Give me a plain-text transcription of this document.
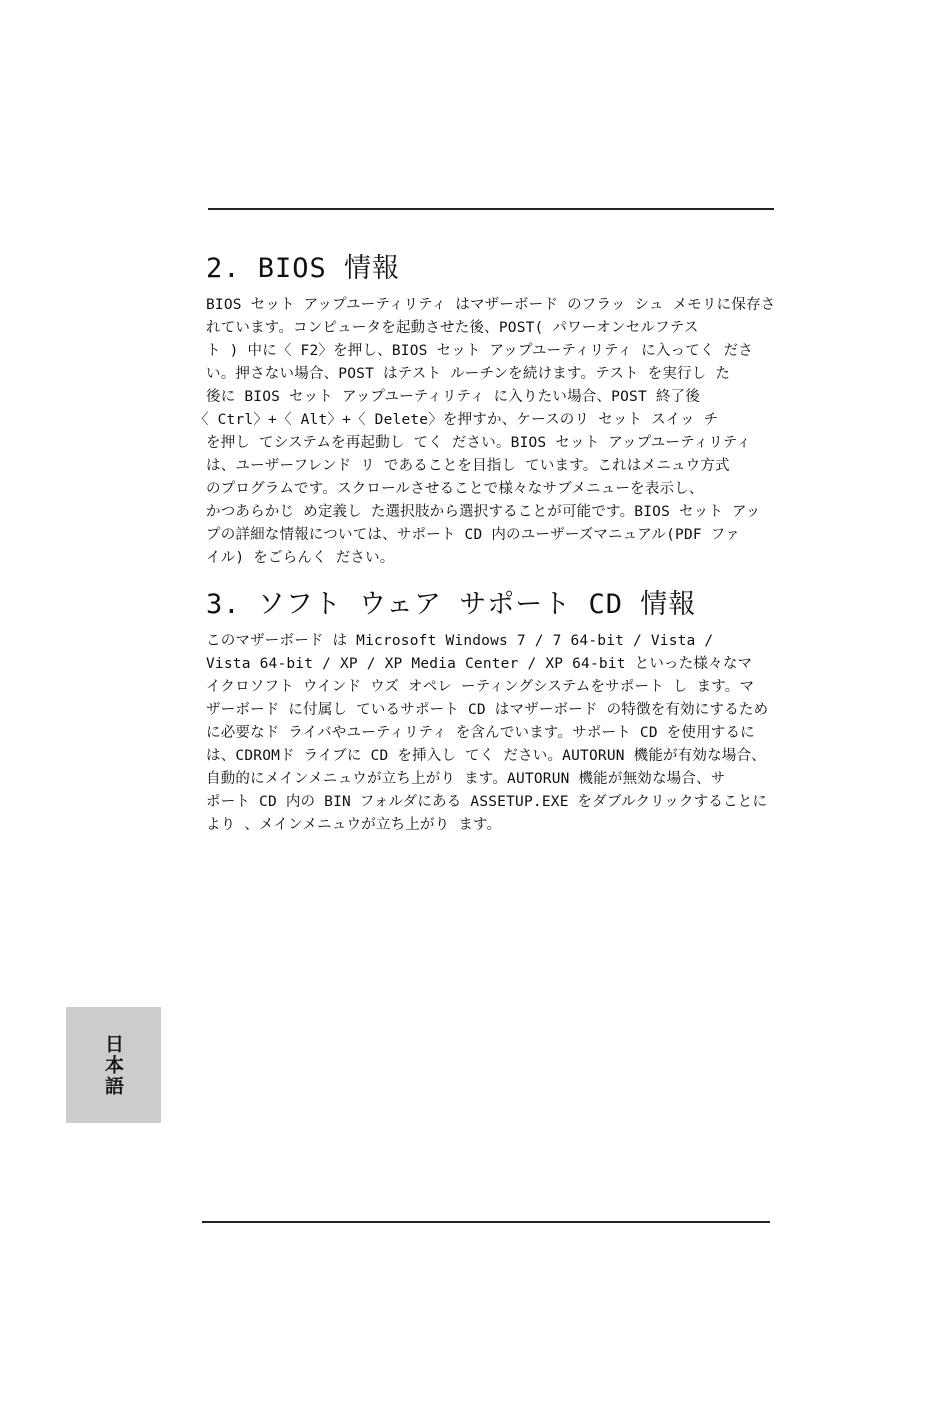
2. BIOS 情報
BIOS セット アップユーティリティ はマザーボード のフラッ シュ メモリに保存さ
れています。コンピュータを起動させた後、POST( パワーオンセルフテス
ト ) 中に〈 F2〉を押し、BIOS セット アップユーティリティ に入ってく ださ
い。押さない場合、POST はテスト ルーチンを続けます。テスト を実行し た
後に BIOS セット アップユーティリティ に入りたい場合、POST 終了後
〈 Ctrl〉+〈 Alt〉+〈 Delete〉を押すか、ケースのリ セット スイッ チ
を押し てシステムを再起動し てく ださい。BIOS セット アップユーティリティ
は、ユーザーフレンド リ であることを目指し ています。これはメニュウ方式
のプログラムです。スクロールさせることで様々なサブメニューを表示し、
かつあらかじ め定義し た選択肢から選択することが可能です。BIOS セット アッ
プの詳細な情報については、サポート CD 内のユーザーズマニュアル(PDF ファ
イル) をごらんく ださい。
3. ソフト ウェア サポート CD 情報
このマザーボード は Microsoft Windows 7 / 7 64-bit / Vista /
Vista 64-bit / XP / XP Media Center / XP 64-bit といった様々なマ
イクロソフト ウインド ウズ オペレ ーティングシステムをサポート し ます。マ
ザーボード に付属し ているサポート CD はマザーボード の特徴を有効にするため
に必要なド ライバやユーティリティ を含んでいます。サポート CD を使用するに
は、CDROMド ライブに CD を挿入し てく ださい。AUTORUN 機能が有効な場合、
自動的にメインメニュウが立ち上がり ます。AUTORUN 機能が無効な場合、サ
ポート CD 内の BIN フォルダにある ASSETUP.EXE をダブルクリックすることに
より 、メインメニュウが立ち上がり ます。
日本語
